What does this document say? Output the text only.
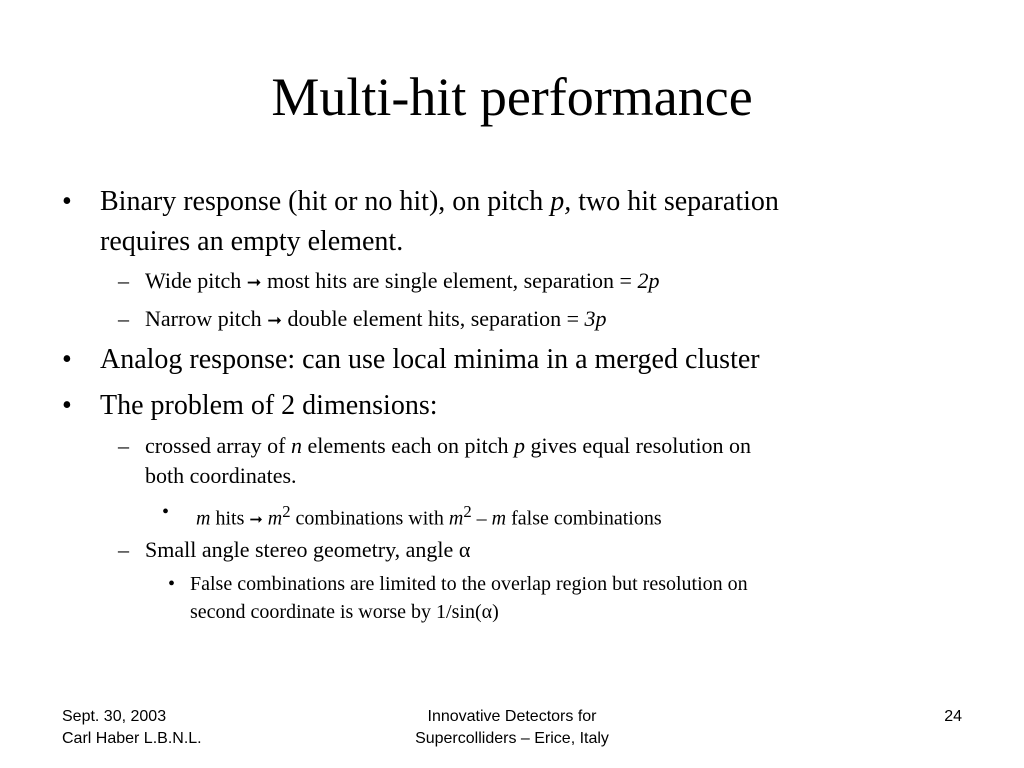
Multi-hit performance
• Binary response (hit or no hit), on pitch p, two hit separation
requires an empty element.
– Wide pitch ➞ most hits are single element, separation = 2p
– Narrow pitch ➞ double element hits, separation = 3p
• Analog response: can use local minima in a merged cluster
• The problem of 2 dimensions:
– crossed array of n elements each on pitch p gives equal resolution on
both coordinates.
• m hits ➞ $m^2$ combinations with $m^2$ – m false combinations
– Small angle stereo geometry, angle α
• False combinations are limited to the overlap region but resolution on
second coordinate is worse by 1/sin(α)
Sept. 30, 2003
Carl Haber L.B.N.L.
Innovative Detectors for
Supercolliders – Erice, Italy
24
